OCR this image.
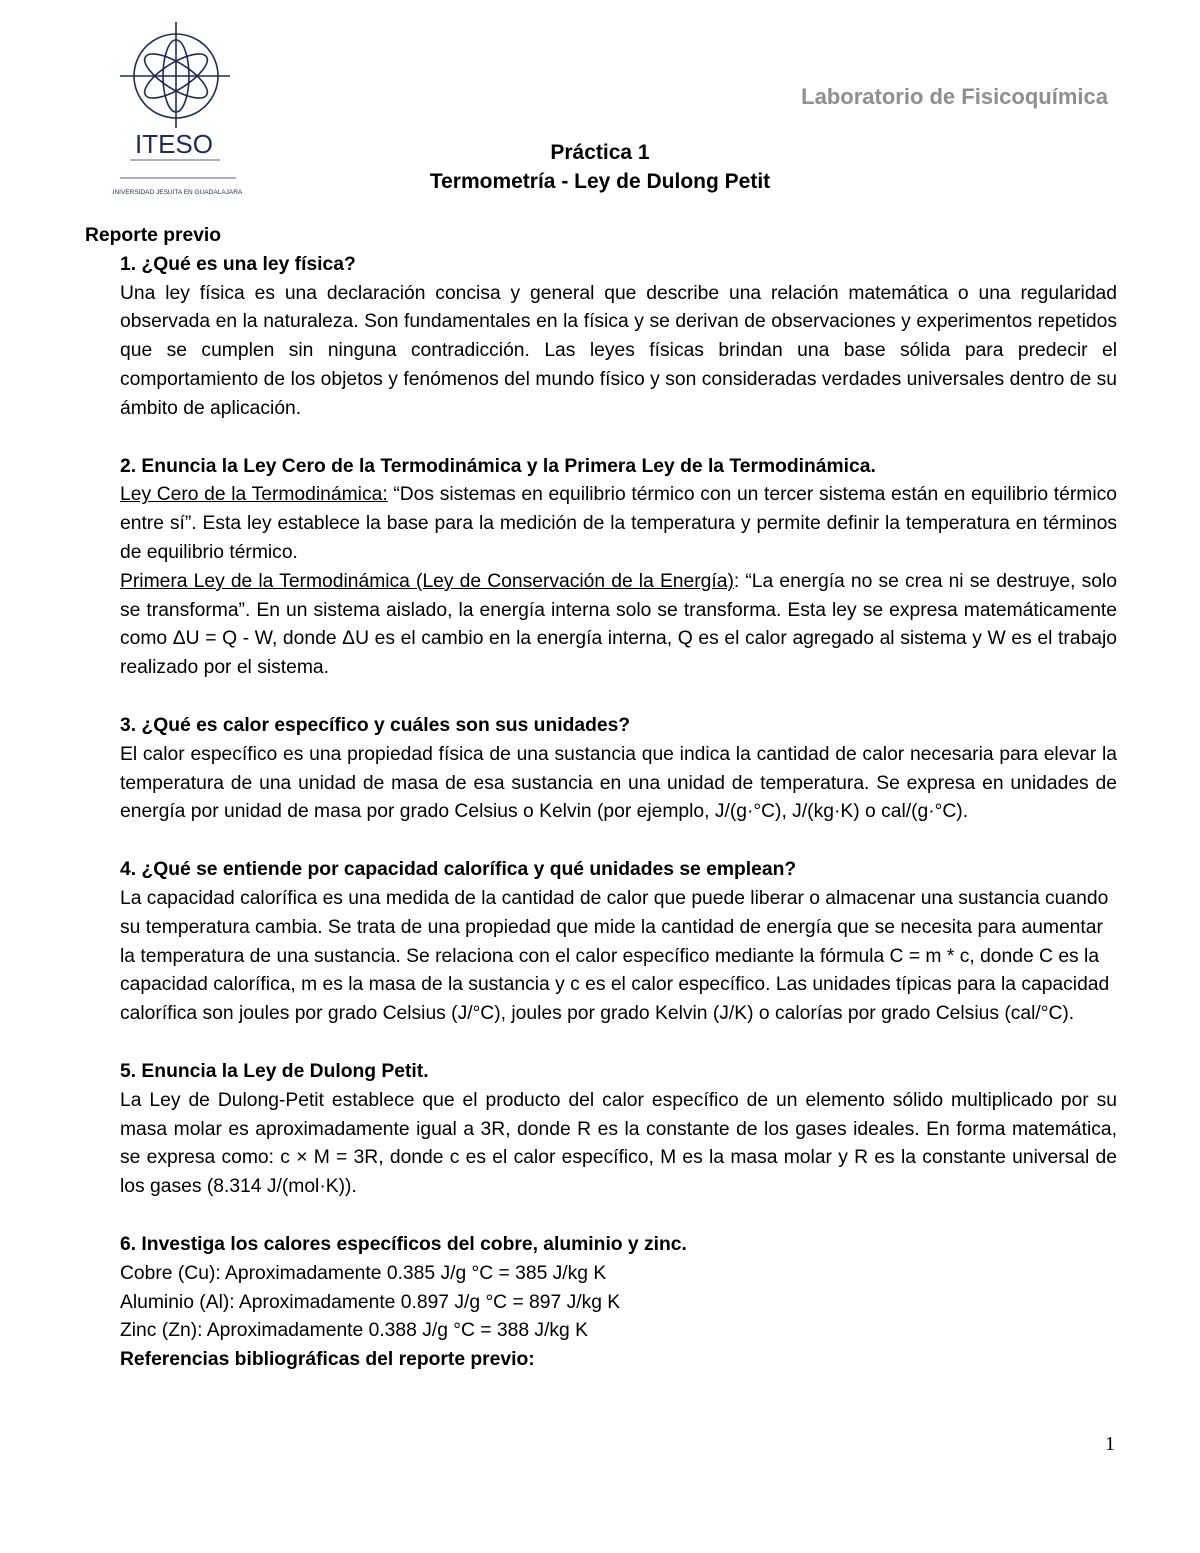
ITESO
UNIVERSIDAD JESUITA EN GUADALAJARA
Laboratorio de Fisicoquímica
Práctica 1
Termometría - Ley de Dulong Petit
Reporte previo

1. ¿Qué es una ley física?

Una ley física es una declaración concisa y general que describe una relación matemática o una regularidad observada en la naturaleza. Son fundamentales en la física y se derivan de observaciones y experimentos repetidos que se cumplen sin ninguna contradicción. Las leyes físicas brindan una base sólida para predecir el comportamiento de los objetos y fenómenos del mundo físico y son consideradas verdades universales dentro de su ámbito de aplicación.

2. Enuncia la Ley Cero de la Termodinámica y la Primera Ley de la Termodinámica.

Ley Cero de la Termodinámica: “Dos sistemas en equilibrio térmico con un tercer sistema están en equilibrio térmico entre sí”. Esta ley establece la base para la medición de la temperatura y permite definir la temperatura en términos de equilibrio térmico.

Primera Ley de la Termodinámica (Ley de Conservación de la Energía): “La energía no se crea ni se destruye, solo se transforma”. En un sistema aislado, la energía interna solo se transforma. Esta ley se expresa matemáticamente como ΔU = Q - W, donde ΔU es el cambio en la energía interna, Q es el calor agregado al sistema y W es el trabajo realizado por el sistema.

3. ¿Qué es calor específico y cuáles son sus unidades?

El calor específico es una propiedad física de una sustancia que indica la cantidad de calor necesaria para elevar la temperatura de una unidad de masa de esa sustancia en una unidad de temperatura. Se expresa en unidades de energía por unidad de masa por grado Celsius o Kelvin (por ejemplo, J/(g·°C), J/(kg·K) o cal/(g·°C).

4. ¿Qué se entiende por capacidad calorífica y qué unidades se emplean?

La capacidad calorífica es una medida de la cantidad de calor que puede liberar o almacenar una sustancia cuando su temperatura cambia. Se trata de una propiedad que mide la cantidad de energía que se necesita para aumentar la temperatura de una sustancia. Se relaciona con el calor específico mediante la fórmula C = m * c, donde C es la capacidad calorífica, m es la masa de la sustancia y c es el calor específico. Las unidades típicas para la capacidad calorífica son joules por grado Celsius (J/°C), joules por grado Kelvin (J/K) o calorías por grado Celsius (cal/°C).

5. Enuncia la Ley de Dulong Petit.

La Ley de Dulong-Petit establece que el producto del calor específico de un elemento sólido multiplicado por su masa molar es aproximadamente igual a 3R, donde R es la constante de los gases ideales. En forma matemática, se expresa como: c × M = 3R, donde c es el calor específico, M es la masa molar y R es la constante universal de los gases (8.314 J/(mol·K)).

6. Investiga los calores específicos del cobre, aluminio y zinc.

Cobre (Cu): Aproximadamente 0.385 J/g °C = 385 J/kg K

Aluminio (Al): Aproximadamente 0.897 J/g °C = 897 J/kg K

Zinc (Zn): Aproximadamente 0.388 J/g °C = 388 J/kg K

Referencias bibliográficas del reporte previo:

1
